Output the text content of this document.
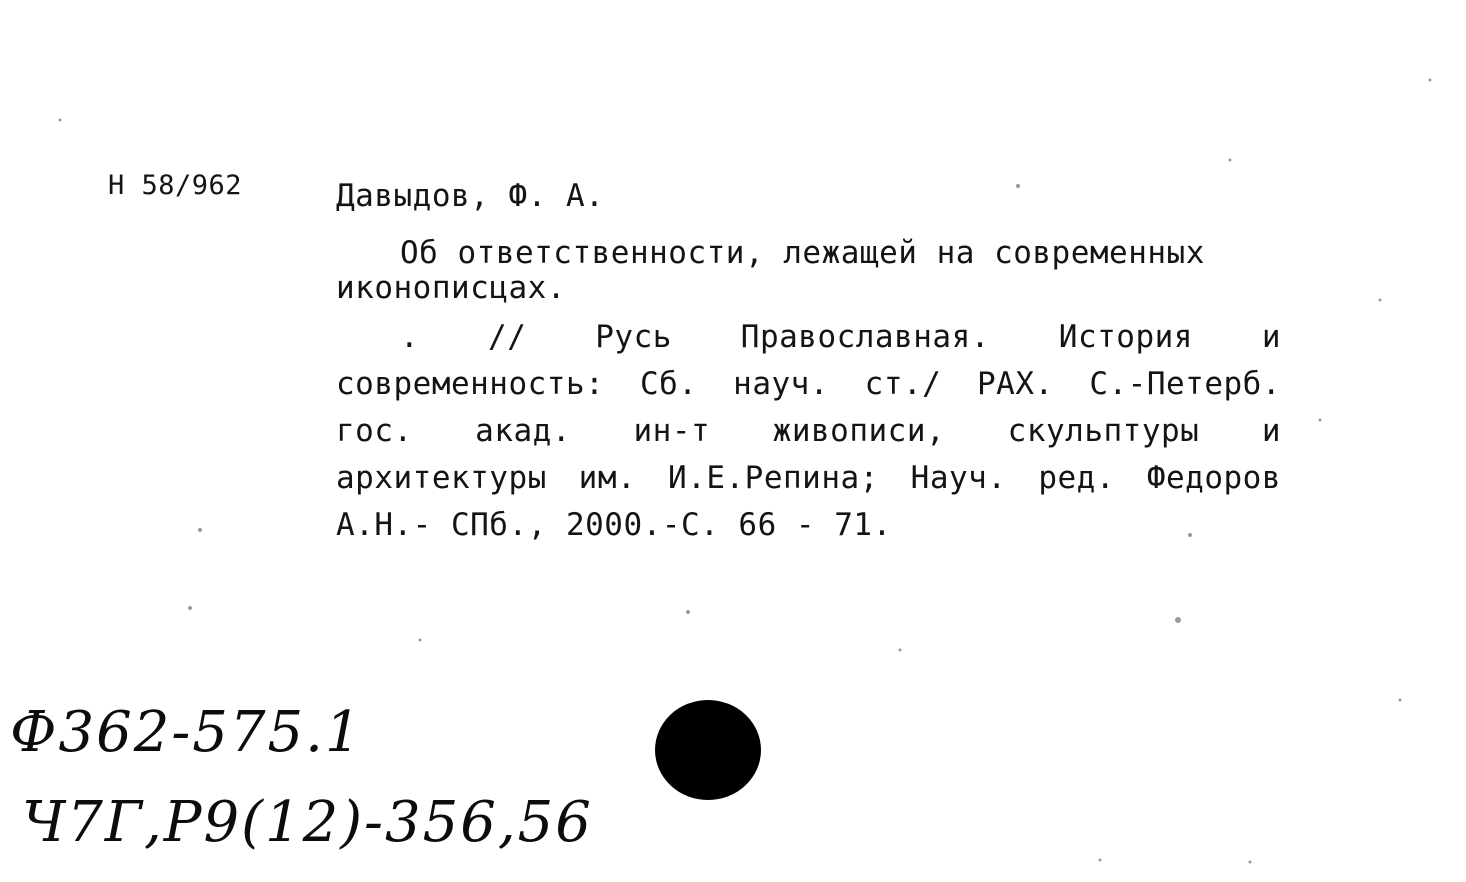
Н 58/962	Давыдов, Ф. А.
Об ответственности, лежащей на современных
иконописцах.
. // Русь Православная. История и современность: Сб. науч. ст./ РАХ. С.-Петерб. гос. акад. ин-т живописи, скульптуры и архитектуры им. И.Е.Репина; Науч. ред. Федоров А.Н.- СПб., 2000.-С. 66 - 71.
Ф362-575.1
Ч7Г,Р9(12)-356,56
